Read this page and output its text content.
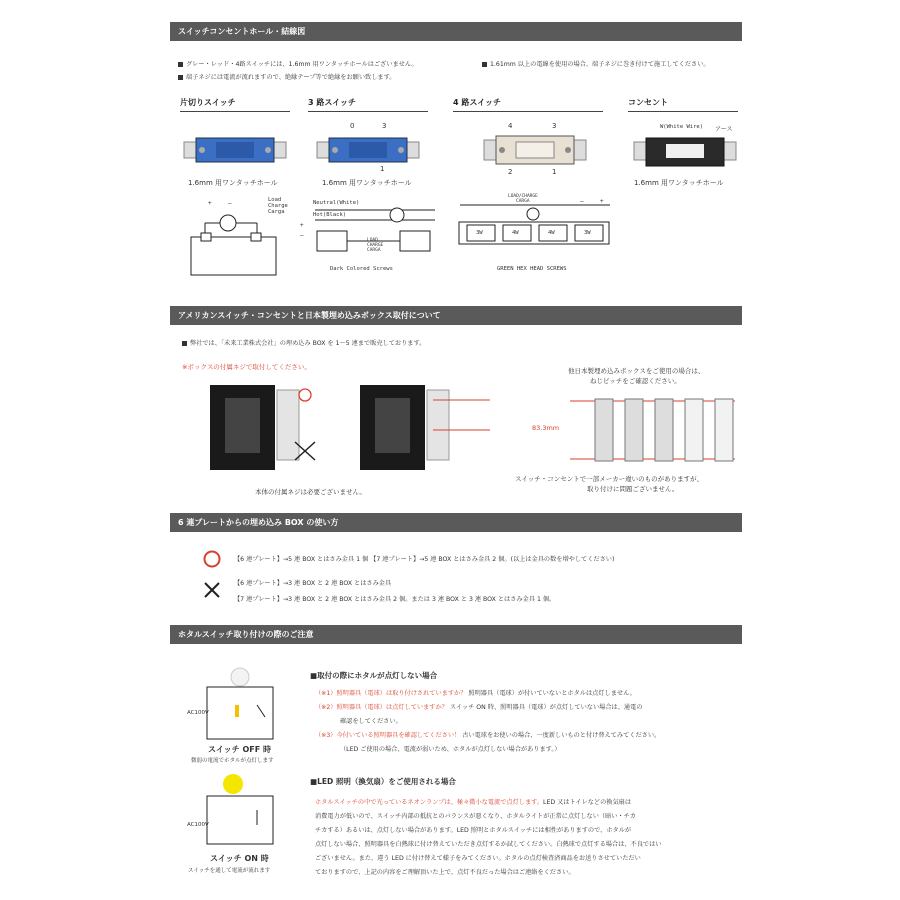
スイッチコンセントホール・結線図
グレー・レッド・4路スイッチには、1.6mm 用ワンタッチホールはございません。	1.61mm 以上の電線を使用の場合、端子ネジに巻き付けて施工してください。
端子ネジには電流が流れますので、絶縁テープ等で絶縁をお願い致します。
片切りスイッチ	3 路スイッチ	4 路スイッチ	コンセント
0	3
1
4	3
2	1
W(White Wire) アース
1.6mm 用ワンタッチホール	1.6mm 用ワンタッチホール	1.6mm 用ワンタッチホール
+	—	Load
Charge
Carga
Neutral(White)
Hot(Black)
+
—
LOAD
CHARGE
CARGA
Dark Colored Screws
LOAD/CHARGE
CARGA
3W	4W	4W	3W
GREEN HEX HEAD SCREWS
+
—
アメリカンスイッチ・コンセントと日本製埋め込みボックス取付について
弊社では、「未来工業株式会社」の埋め込み BOX を 1～5 連まで販売しております。
※ボックスの付属ネジで取付してください。
本体の付属ネジは必要ございません。
他日本製埋め込みボックスをご使用の場合は、
ねじピッチをご確認ください。
83.3mm
スイッチ・コンセントで一部メーカー違いのものがありますが、
取り付けに問題ございません。
6 連プレートからの埋め込み BOX の使い方
【6 連プレート】→5 連 BOX とはさみ金具 1 個 【7 連プレート】→5 連 BOX とはさみ金具 2 個。(以上は金具の数を増やしてください)
【6 連プレート】→3 連 BOX と 2 連 BOX とはさみ金具
【7 連プレート】→3 連 BOX と 2 連 BOX とはさみ金具 2 個。または 3 連 BOX と 3 連 BOX とはさみ金具 1 個。
ホタルスイッチ取り付けの際のご注意
AC100V
スイッチ OFF 時
微弱の電流でホタルが点灯します
AC100V
スイッチ ON 時
スイッチを通して電流が流れます
■取付の際にホタルが点灯しない場合
（※1）照明器具（電球）は取り付けされていますか？ 照明器具（電球）が付いていないとホタルは点灯しません。
（※2）照明器具（電球）は点灯していますか？ スイッチ ON 時、照明器具（電球）が点灯していない場合は、通電の
確認をしてください。
（※3）今付いている照明器具を確認してください！ 古い電球をお使いの場合、一度新しいものと付け替えてみてください。
（LED ご使用の場合、電流が弱いため、ホタルが点灯しない場合があります。）
■LED 照明（換気扇）をご使用される場合
ホタルスイッチの中で光っているネオンランプは、極々微小な電流で点灯します。LED 又はトイレなどの換気扇は
消費電力が低いので、スイッチ内部の抵抗とのバランスが悪くなり、ホタルライトが正常に点灯しない（暗い・チカ
チカする）あるいは、点灯しない場合があります。LED 照明とホタルスイッチには相性がありますので、ホタルが
点灯しない場合、照明器具を白熱球に付け替えていただき点灯するか試してください。白熱球で点灯する場合は、不良ではい
ございません。また、違う LED に付け替えて様子をみてください。ホタルの点灯検査済商品をお送りさせていただい
ておりますので、上記の内容をご理解頂いた上で、点灯不良だった場合はご連絡をください。
